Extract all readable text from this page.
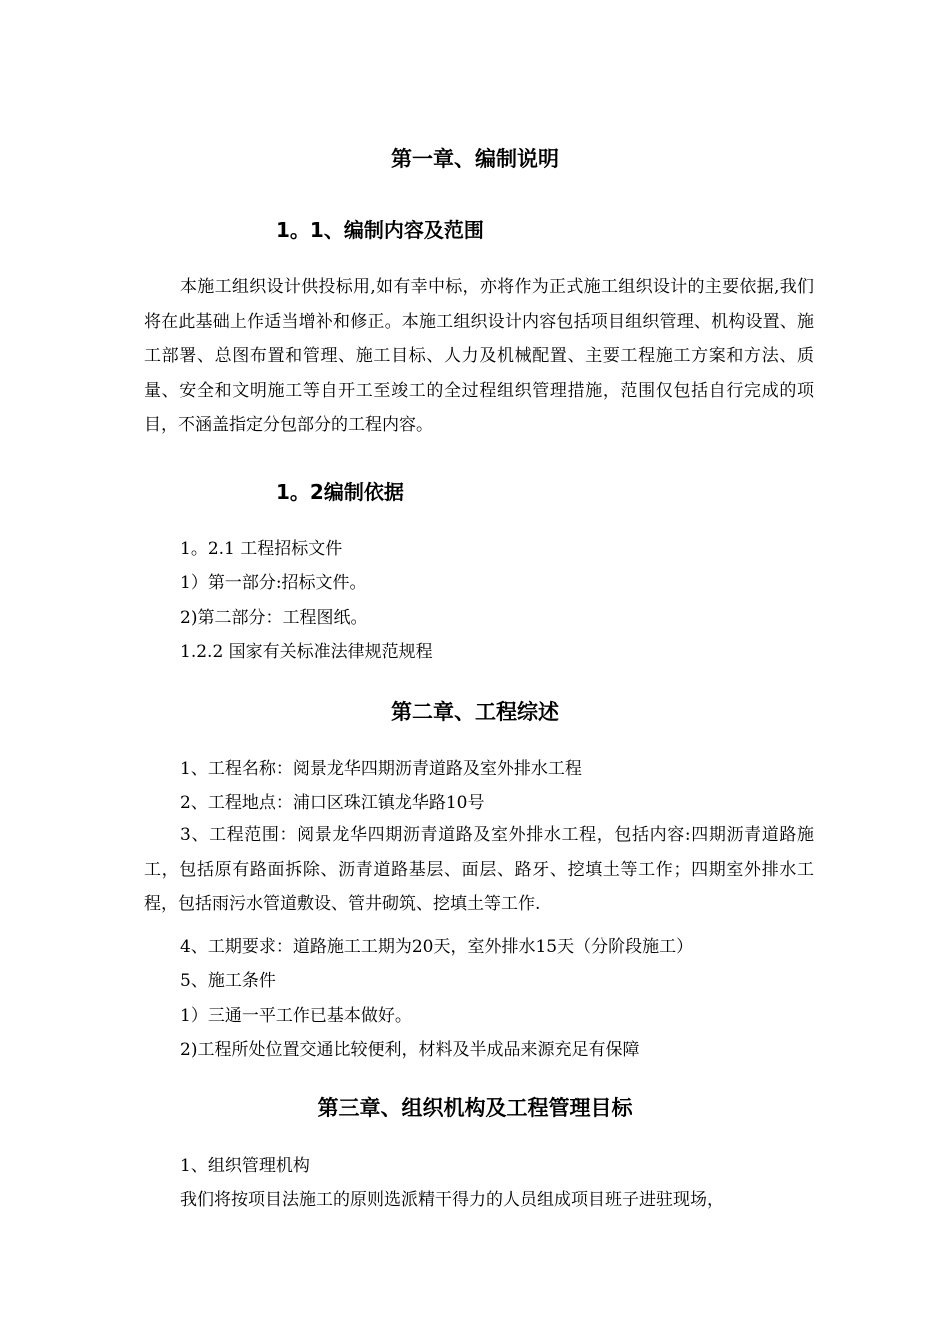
第一章、编制说明
1。1、编制内容及范围

本施工组织设计供投标用,如有幸中标，亦将作为正式施工组织设计的主要依据,我们将在此基础上作适当增补和修正。本施工组织设计内容包括项目组织管理、机构设置、施工部署、总图布置和管理、施工目标、人力及机械配置、主要工程施工方案和方法、质量、安全和文明施工等自开工至竣工的全过程组织管理措施，范围仅包括自行完成的项目，不涵盖指定分包部分的工程内容。

1。2编制依据
1。2.1 工程招标文件
1）第一部分:招标文件。
2)第二部分：工程图纸。
1.2.2 国家有关标准法律规范规程
第二章、工程综述
1、工程名称：阅景龙华四期沥青道路及室外排水工程
2、工程地点：浦口区珠江镇龙华路10号

3、工程范围：阅景龙华四期沥青道路及室外排水工程，包括内容:四期沥青道路施工，包括原有路面拆除、沥青道路基层、面层、路牙、挖填土等工作；四期室外排水工程，包括雨污水管道敷设、管井砌筑、挖填土等工作.

4、工期要求：道路施工工期为20天，室外排水15天（分阶段施工）
5、施工条件
1）三通一平工作已基本做好。
2)工程所处位置交通比较便利，材料及半成品来源充足有保障
第三章、组织机构及工程管理目标
1、组织管理机构
我们将按项目法施工的原则选派精干得力的人员组成项目班子进驻现场，
